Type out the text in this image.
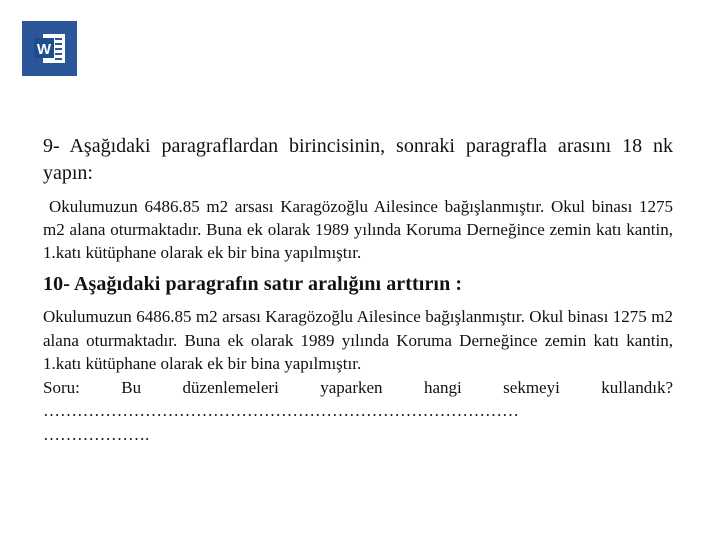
W
9- Aşağıdaki paragraflardan birincisinin, sonraki paragrafla arasını 18 nk yapın:
Okulumuzun 6486.85 m2 arsası Karagözoğlu Ailesince bağışlanmıştır. Okul binası 1275 m2 alana oturmaktadır. Buna ek olarak 1989 yılında Koruma Derneğince zemin katı kantin, 1.katı kütüphane olarak ek bir bina yapılmıştır.
10- Aşağıdaki paragrafın satır aralığını arttırın :
Okulumuzun 6486.85 m2 arsası Karagözoğlu Ailesince bağışlanmıştır. Okul binası 1275 m2 alana oturmaktadır. Buna ek olarak 1989 yılında Koruma Derneğince zemin katı kantin, 1.katı kütüphane olarak ek bir bina yapılmıştır.
Soru: Bu düzenlemeleri yaparken hangi sekmeyi kullandık?
…………………………………………………………………………
……………….
